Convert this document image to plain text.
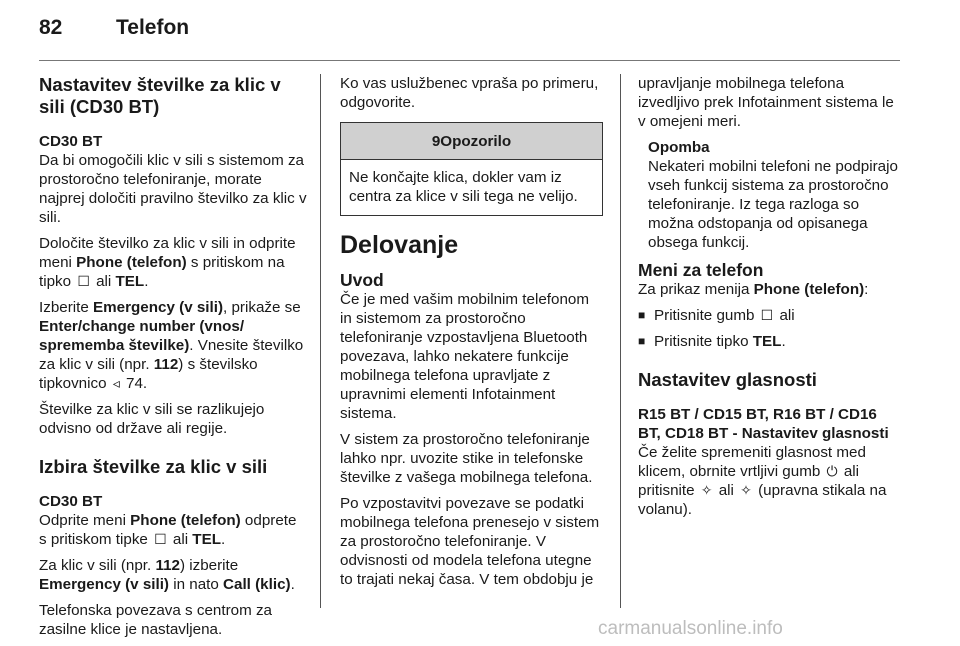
82	Telefon
Nastavitev številke za klic v sili (CD30 BT)

CD30 BT

Da bi omogočili klic v sili s sistemom za prostoročno telefoniranje, morate najprej določiti pravilno številko za klic v sili.

Določite številko za klic v sili in odprite meni Phone (telefon) s pritiskom na tipko ☐ ali TEL.

Izberite Emergency (v sili), prikaže se Enter/change number (vnos/ sprememba številke). Vnesite številko za klic v sili (npr. 112) s številsko tipkovnico ◃ 74.

Številke za klic v sili se razlikujejo odvisno od države ali regije.

Izbira številke za klic v sili

CD30 BT

Odprite meni Phone (telefon) odprete s pritiskom tipke ☐ ali TEL.

Za klic v sili (npr. 112) izberite Emergency (v sili) in nato Call (klic).

Telefonska povezava s centrom za zasilne klice je nastavljena.

Ko vas uslužbenec vpraša po primeru, odgovorite.

9Opozorilo
Ne končajte klica, dokler vam iz centra za klice v sili tega ne velijo.
Delovanje
Uvod

Če je med vašim mobilnim telefonom in sistemom za prostoročno telefoniranje vzpostavljena Bluetooth povezava, lahko nekatere funkcije mobilnega telefona upravljate z upravnimi elementi Infotainment sistema.

V sistem za prostoročno telefoniranje lahko npr. uvozite stike in telefonske številke z vašega mobilnega telefona.

Po vzpostavitvi povezave se podatki mobilnega telefona prenesejo v sistem za prostoročno telefoniranje. V odvisnosti od modela telefona utegne to trajati nekaj časa. V tem obdobju je

upravljanje mobilnega telefona izvedljivo prek Infotainment sistema le v omejeni meri.

Opomba

Nekateri mobilni telefoni ne podpirajo vseh funkcij sistema za prostoročno telefoniranje. Iz tega razloga so možna odstopanja od opisanega obsega funkcij.

Meni za telefon

Za prikaz menija Phone (telefon):

■ Pritisnite gumb ☐ ali
■ Pritisnite tipko TEL.
Nastavitev glasnosti

R15 BT / CD15 BT, R16 BT / CD16 BT, CD18 BT - Nastavitev glasnosti

Če želite spremeniti glasnost med klicem, obrnite vrtljivi gumb ⏻ ali pritisnite ✧ ali ✧ (upravna stikala na volanu).

carmanualsonline.info
